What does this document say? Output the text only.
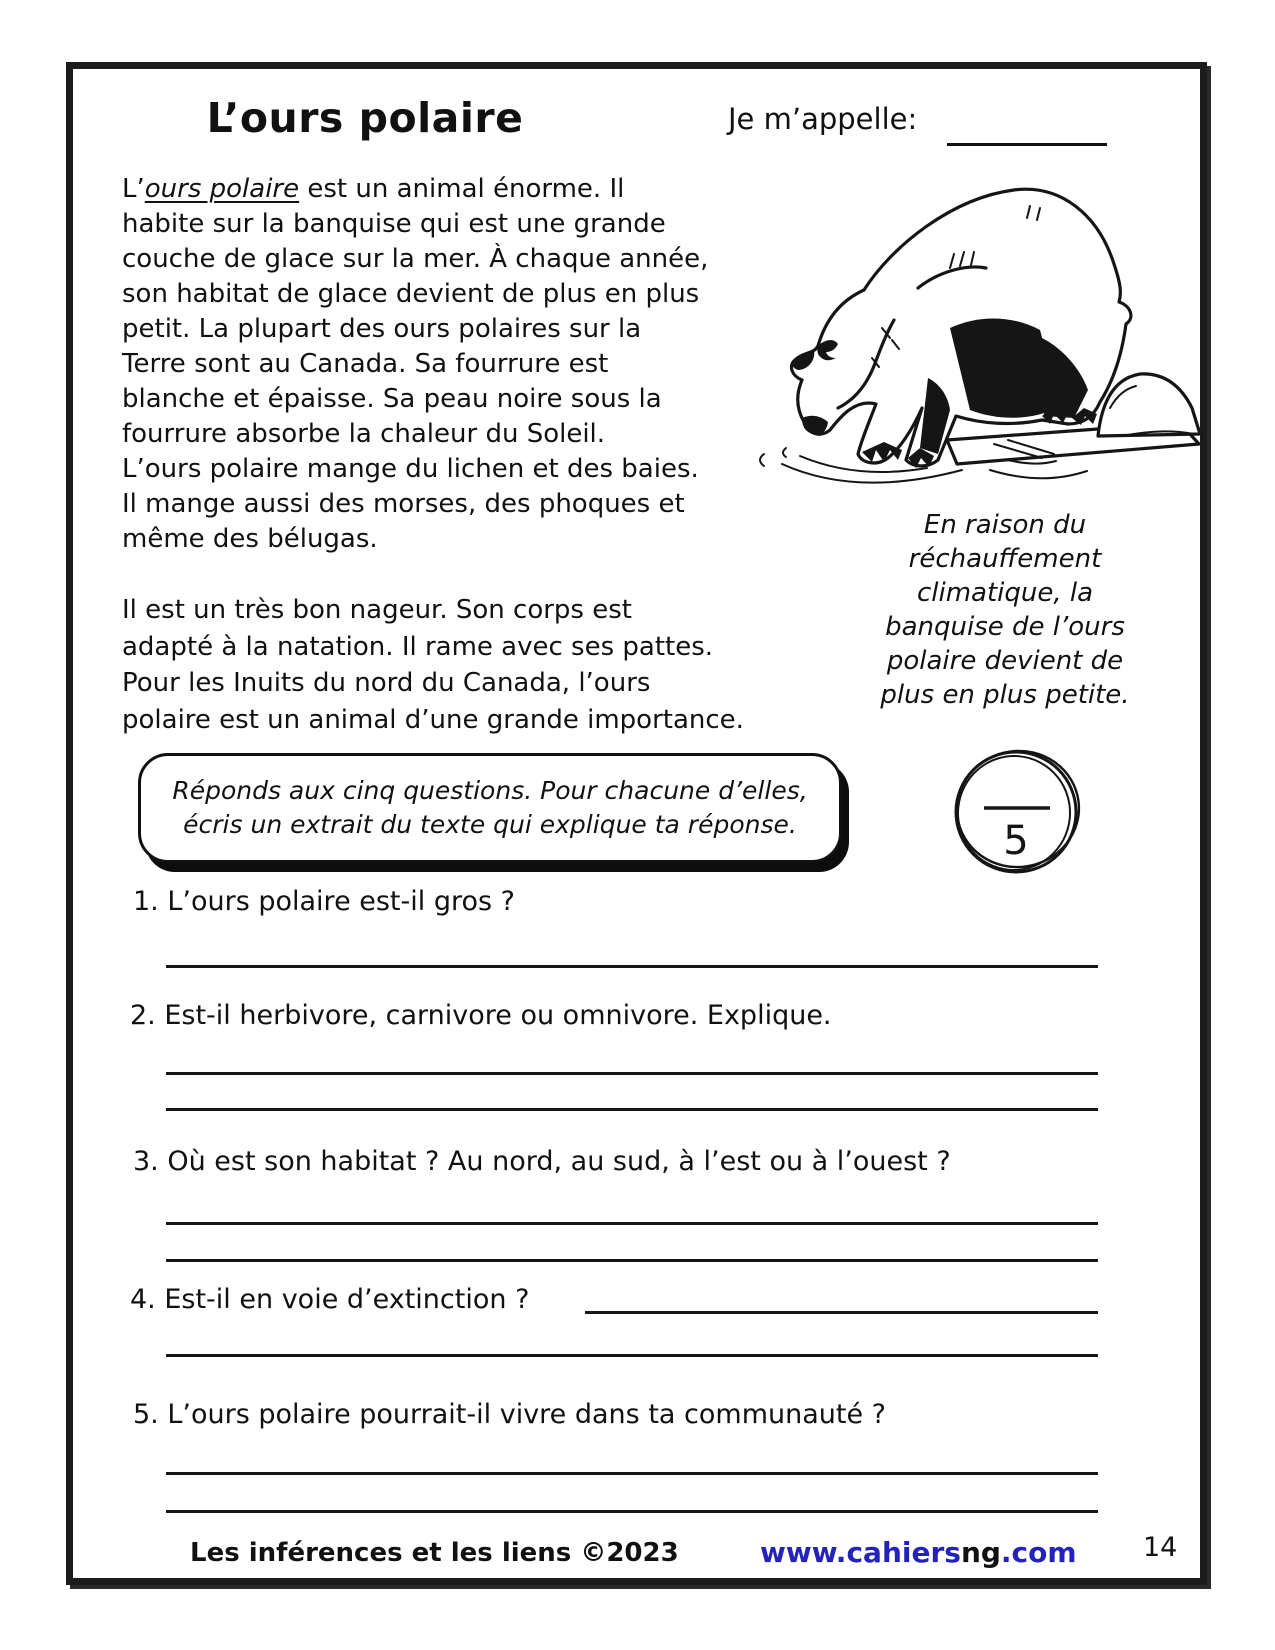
L’ours polaire	Je m’appelle:
L’ours polaire est un animal énorme. Il
habite sur la banquise qui est une grande
couche de glace sur la mer. À chaque année,
son habitat de glace devient de plus en plus
petit. La plupart des ours polaires sur la
Terre sont au Canada. Sa fourrure est
blanche et épaisse. Sa peau noire sous la
fourrure absorbe la chaleur du Soleil.
L’ours polaire mange du lichen et des baies.
Il mange aussi des morses, des phoques et
même des bélugas.
Il est un très bon nageur. Son corps est
adapté à la natation. Il rame avec ses pattes.
Pour les Inuits du nord du Canada, l’ours
polaire est un animal d’une grande importance.
En raison du
réchauffement
climatique, la
banquise de l’ours
polaire devient de
plus en plus petite.
Réponds aux cinq questions. Pour chacune d’elles,
écris un extrait du texte qui explique ta réponse.	5
1. L’ours polaire est-il gros ?
2. Est-il herbivore, carnivore ou omnivore. Explique.
3. Où est son habitat ? Au nord, au sud, à l’est ou à l’ouest ?
4. Est-il en voie d’extinction ?
5. L’ours polaire pourrait-il vivre dans ta communauté ?
Les inférences et les liens ©2023	www.cahiersng.com 14
